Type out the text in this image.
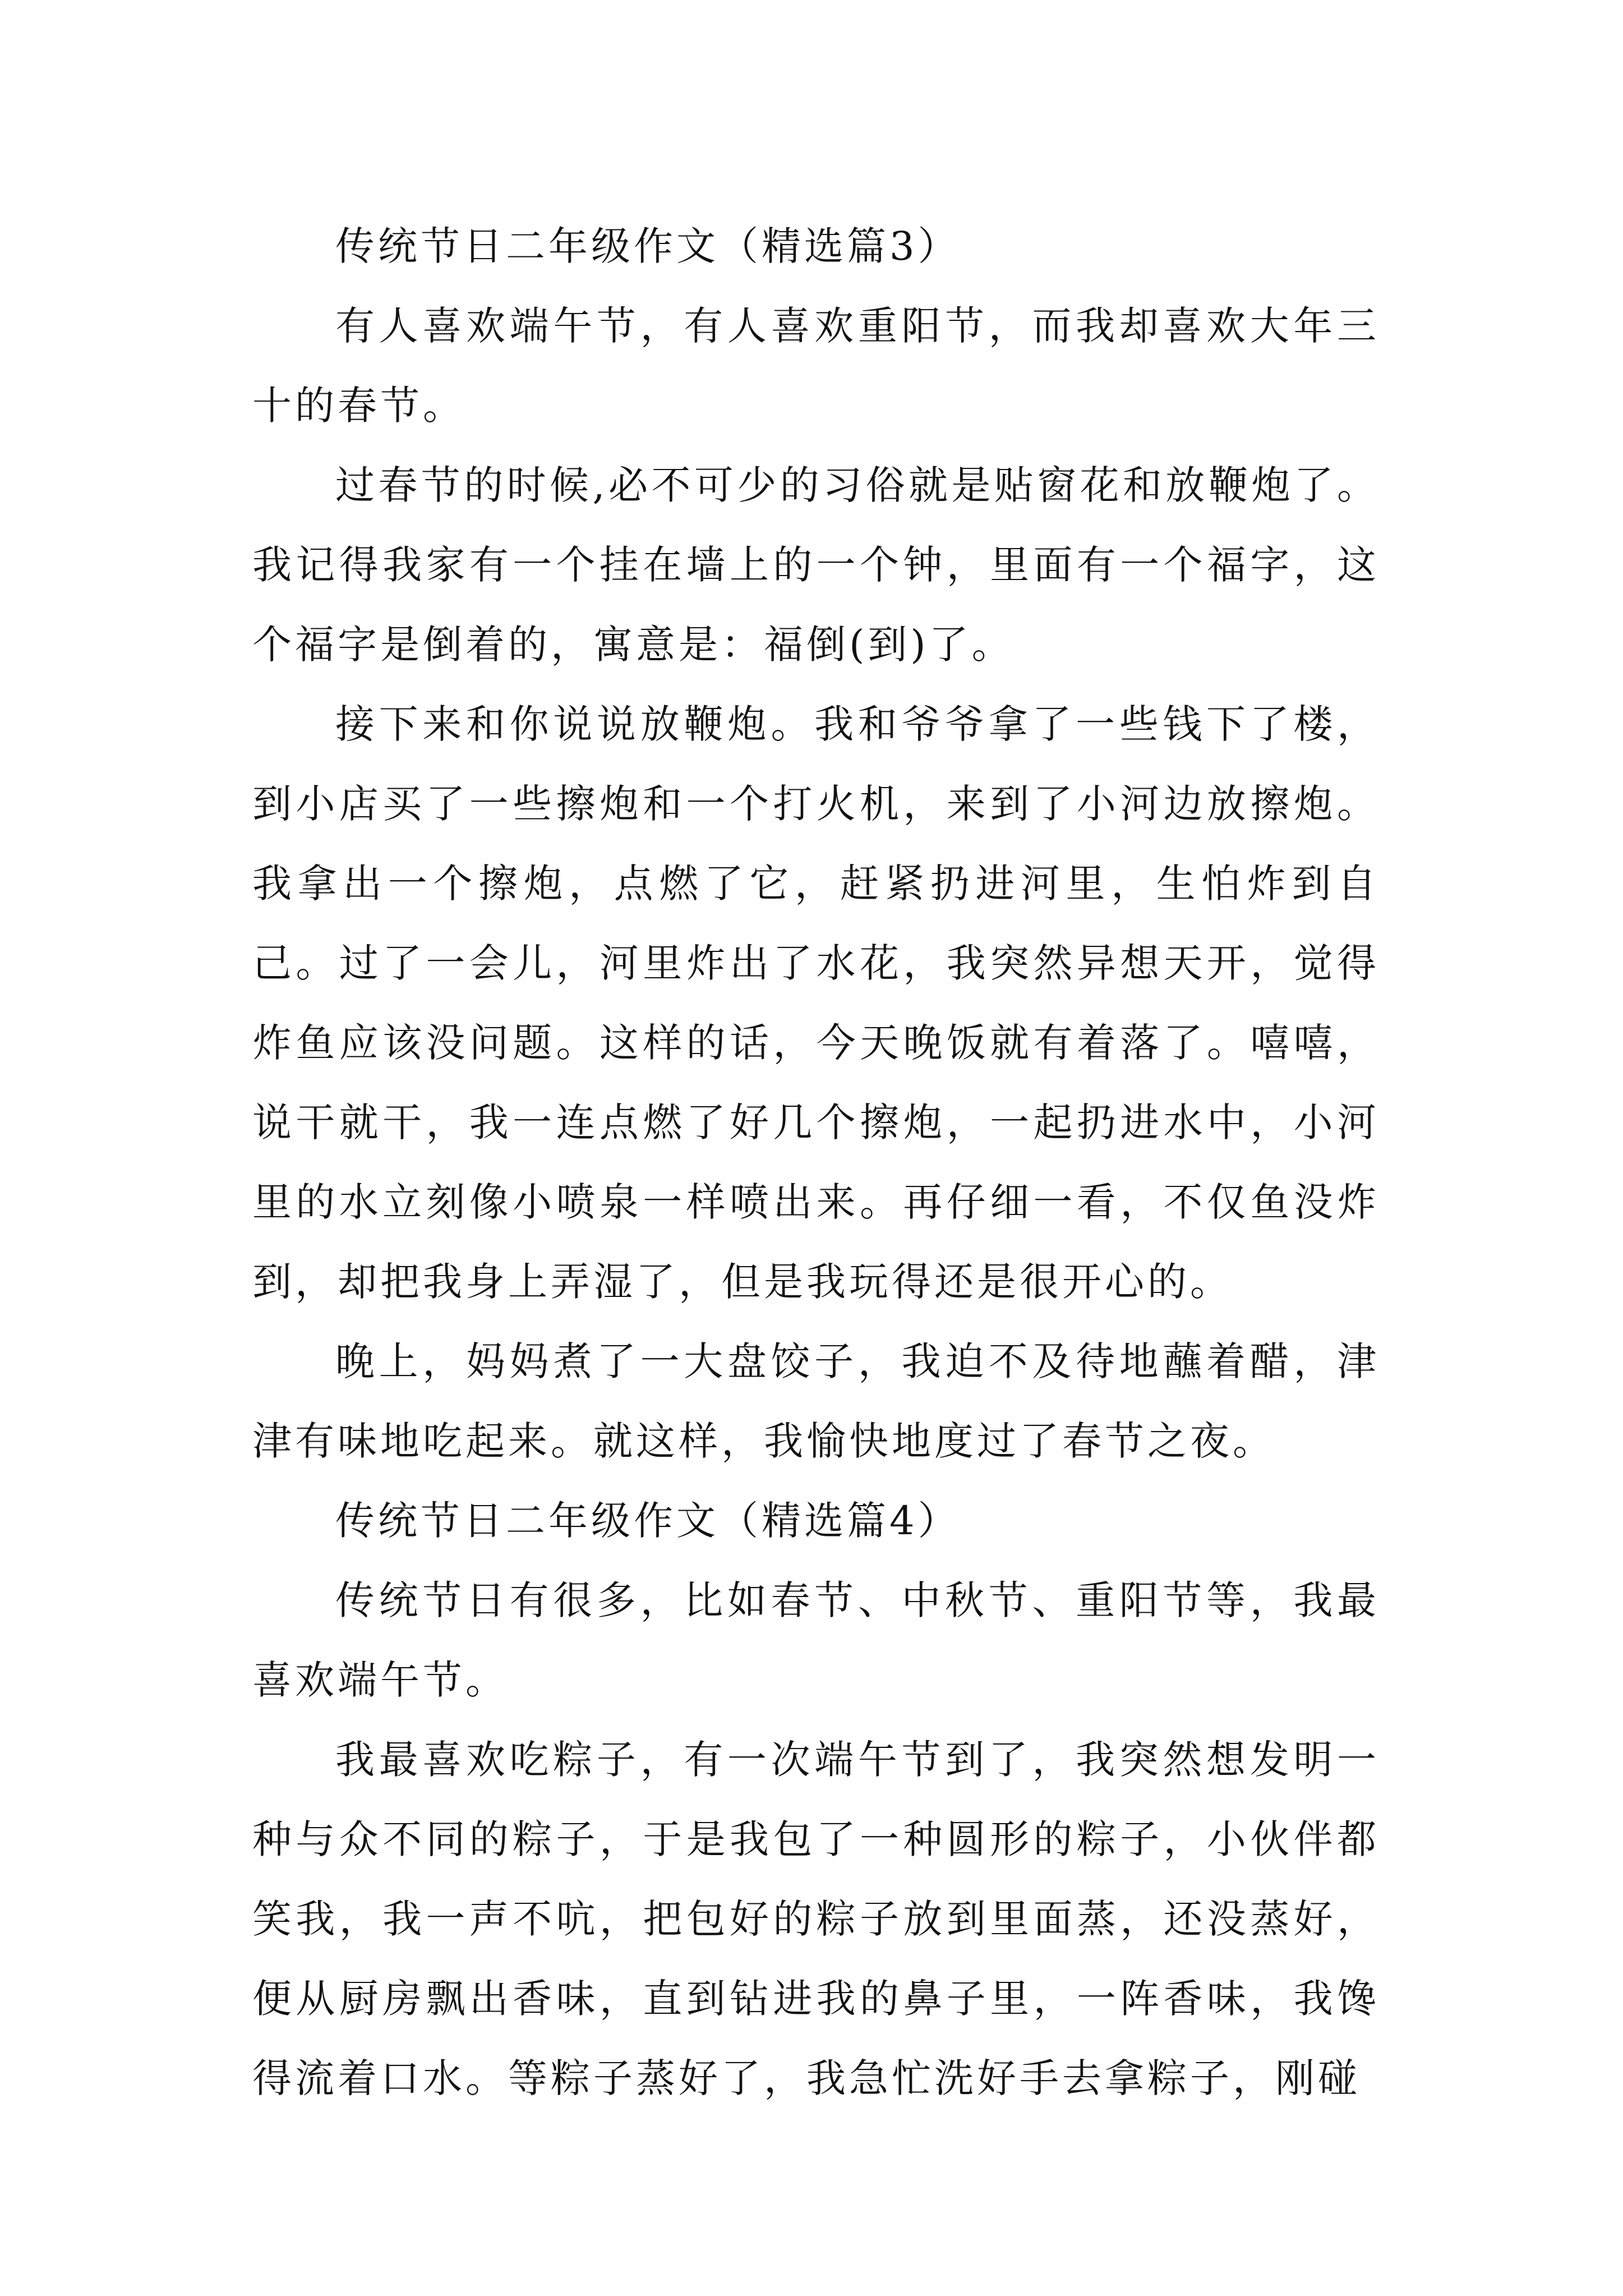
传统节日二年级作文（精选篇3）

有人喜欢端午节，有人喜欢重阳节，而我却喜欢大年三十的春节。

过春节的时候,必不可少的习俗就是贴窗花和放鞭炮了。我记得我家有一个挂在墙上的一个钟，里面有一个福字，这个福字是倒着的，寓意是：福倒(到)了。

接下来和你说说放鞭炮。我和爷爷拿了一些钱下了楼，到小店买了一些擦炮和一个打火机，来到了小河边放擦炮。我拿出一个擦炮，点燃了它，赶紧扔进河里，生怕炸到自己。过了一会儿，河里炸出了水花，我突然异想天开，觉得炸鱼应该没问题。这样的话，今天晚饭就有着落了。嘻嘻，说干就干，我一连点燃了好几个擦炮，一起扔进水中，小河里的水立刻像小喷泉一样喷出来。再仔细一看，不仅鱼没炸到，却把我身上弄湿了，但是我玩得还是很开心的。

晚上，妈妈煮了一大盘饺子，我迫不及待地蘸着醋，津津有味地吃起来。就这样，我愉快地度过了春节之夜。

传统节日二年级作文（精选篇4）

传统节日有很多，比如春节、中秋节、重阳节等，我最喜欢端午节。

我最喜欢吃粽子，有一次端午节到了，我突然想发明一种与众不同的粽子，于是我包了一种圆形的粽子，小伙伴都笑我，我一声不吭，把包好的粽子放到里面蒸，还没蒸好，便从厨房飘出香味，直到钻进我的鼻子里，一阵香味，我馋得流着口水。等粽子蒸好了，我急忙洗好手去拿粽子，刚碰
